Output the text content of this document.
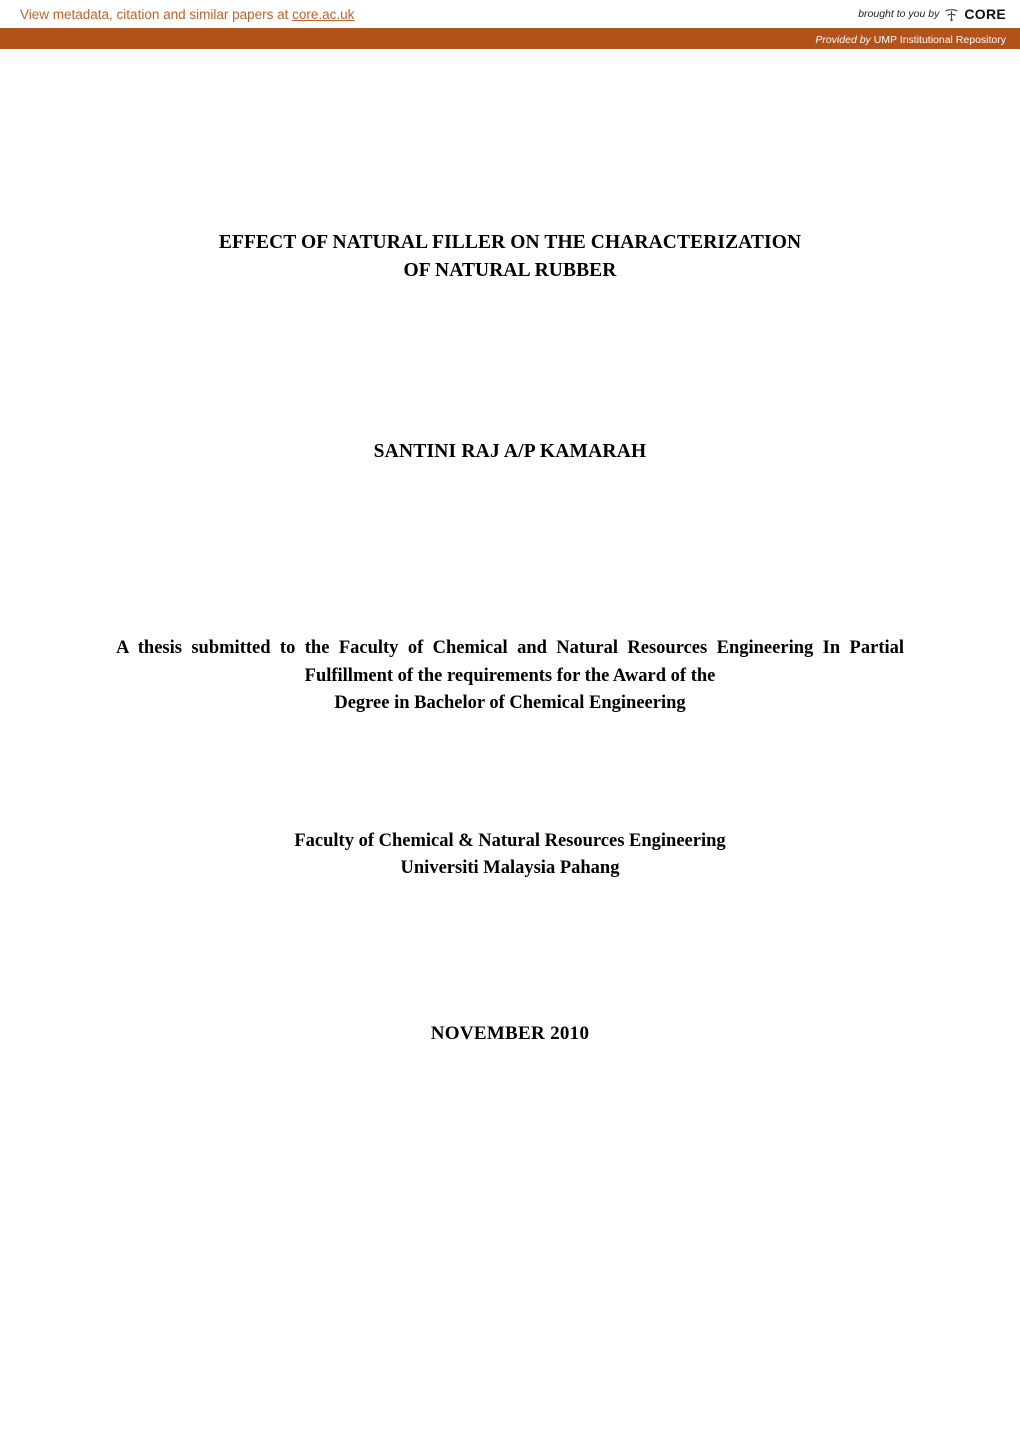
View metadata, citation and similar papers at core.ac.uk	brought to you by CORE
Provided by UMP Institutional Repository
EFFECT OF NATURAL FILLER ON THE CHARACTERIZATION
OF NATURAL RUBBER
SANTINI RAJ A/P KAMARAH
A thesis submitted to the Faculty of Chemical and Natural Resources Engineering In Partial Fulfillment of the requirements for the Award of the
Degree in Bachelor of Chemical Engineering
Faculty of Chemical & Natural Resources Engineering
Universiti Malaysia Pahang
NOVEMBER 2010
